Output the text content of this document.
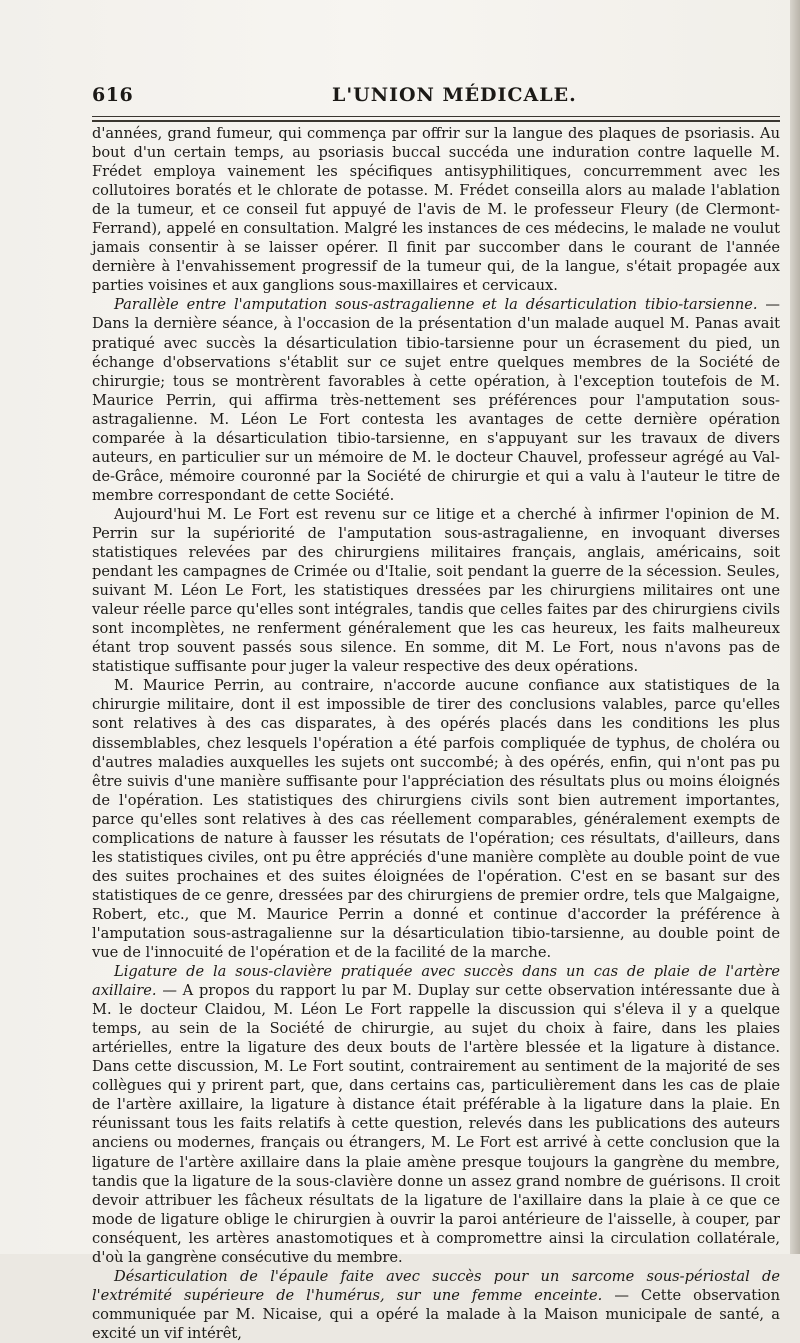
616	L'UNION MÉDICALE.

d'années, grand fumeur, qui commença par offrir sur la langue des plaques de psoriasis. Au bout d'un certain temps, au psoriasis buccal succéda une induration contre laquelle M. Frédet employa vainement les spécifiques antisyphilitiques, concurremment avec les collutoires boratés et le chlorate de potasse. M. Frédet conseilla alors au malade l'ablation de la tumeur, et ce conseil fut appuyé de l'avis de M. le professeur Fleury (de Clermont-Ferrand), appelé en consultation. Malgré les instances de ces médecins, le malade ne voulut jamais consentir à se laisser opérer. Il finit par succomber dans le courant de l'année dernière à l'envahissement progressif de la tumeur qui, de la langue, s'était propagée aux parties voisines et aux ganglions sous-maxillaires et cervicaux.

Parallèle entre l'amputation sous-astragalienne et la désarticulation tibio-tarsienne. — Dans la dernière séance, à l'occasion de la présentation d'un malade auquel M. Panas avait pratiqué avec succès la désarticulation tibio-tarsienne pour un écrasement du pied, un échange d'observations s'établit sur ce sujet entre quelques membres de la Société de chirurgie; tous se montrèrent favorables à cette opération, à l'exception toutefois de M. Maurice Perrin, qui affirma très-nettement ses préférences pour l'amputation sous-astragalienne. M. Léon Le Fort contesta les avantages de cette dernière opération comparée à la désarticulation tibio-tarsienne, en s'appuyant sur les travaux de divers auteurs, en particulier sur un mémoire de M. le docteur Chauvel, professeur agrégé au Val-de-Grâce, mémoire couronné par la Société de chirurgie et qui a valu à l'auteur le titre de membre correspondant de cette Société.

Aujourd'hui M. Le Fort est revenu sur ce litige et a cherché à infirmer l'opinion de M. Perrin sur la supériorité de l'amputation sous-astragalienne, en invoquant diverses statistiques relevées par des chirurgiens militaires français, anglais, américains, soit pendant les campagnes de Crimée ou d'Italie, soit pendant la guerre de la sécession. Seules, suivant M. Léon Le Fort, les statistiques dressées par les chirurgiens militaires ont une valeur réelle parce qu'elles sont intégrales, tandis que celles faites par des chirurgiens civils sont incomplètes, ne renferment généralement que les cas heureux, les faits malheureux étant trop souvent passés sous silence. En somme, dit M. Le Fort, nous n'avons pas de statistique suffisante pour juger la valeur respective des deux opérations.

M. Maurice Perrin, au contraire, n'accorde aucune confiance aux statistiques de la chirurgie militaire, dont il est impossible de tirer des conclusions valables, parce qu'elles sont relatives à des cas disparates, à des opérés placés dans les conditions les plus dissemblables, chez lesquels l'opération a été parfois compliquée de typhus, de choléra ou d'autres maladies auxquelles les sujets ont succombé; à des opérés, enfin, qui n'ont pas pu être suivis d'une manière suffisante pour l'appréciation des résultats plus ou moins éloignés de l'opération. Les statistiques des chirurgiens civils sont bien autrement importantes, parce qu'elles sont relatives à des cas réellement comparables, généralement exempts de complications de nature à fausser les résutats de l'opération; ces résultats, d'ailleurs, dans les statistiques civiles, ont pu être appréciés d'une manière complète au double point de vue des suites prochaines et des suites éloignées de l'opération. C'est en se basant sur des statistiques de ce genre, dressées par des chirurgiens de premier ordre, tels que Malgaigne, Robert, etc., que M. Maurice Perrin a donné et continue d'accorder la préférence à l'amputation sous-astragalienne sur la désarticulation tibio-tarsienne, au double point de vue de l'innocuité de l'opération et de la facilité de la marche.

Ligature de la sous-clavière pratiquée avec succès dans un cas de plaie de l'artère axillaire. — A propos du rapport lu par M. Duplay sur cette observation intéressante due à M. le docteur Claidou, M. Léon Le Fort rappelle la discussion qui s'éleva il y a quelque temps, au sein de la Société de chirurgie, au sujet du choix à faire, dans les plaies artérielles, entre la ligature des deux bouts de l'artère blessée et la ligature à distance. Dans cette discussion, M. Le Fort soutint, contrairement au sentiment de la majorité de ses collègues qui y prirent part, que, dans certains cas, particulièrement dans les cas de plaie de l'artère axillaire, la ligature à distance était préférable à la ligature dans la plaie. En réunissant tous les faits relatifs à cette question, relevés dans les publications des auteurs anciens ou modernes, français ou étrangers, M. Le Fort est arrivé à cette conclusion que la ligature de l'artère axillaire dans la plaie amène presque toujours la gangrène du membre, tandis que la ligature de la sous-clavière donne un assez grand nombre de guérisons. Il croit devoir attribuer les fâcheux résultats de la ligature de l'axillaire dans la plaie à ce que ce mode de ligature oblige le chirurgien à ouvrir la paroi antérieure de l'aisselle, à couper, par conséquent, les artères anastomotiques et à compromettre ainsi la circulation collatérale, d'où la gangrène consécutive du membre.

Désarticulation de l'épaule faite avec succès pour un sarcome sous-périostal de l'extrémité supérieure de l'humérus, sur une femme enceinte. — Cette observation communiquée par M. Nicaise, qui a opéré la malade à la Maison municipale de santé, a excité un vif intérêt,
